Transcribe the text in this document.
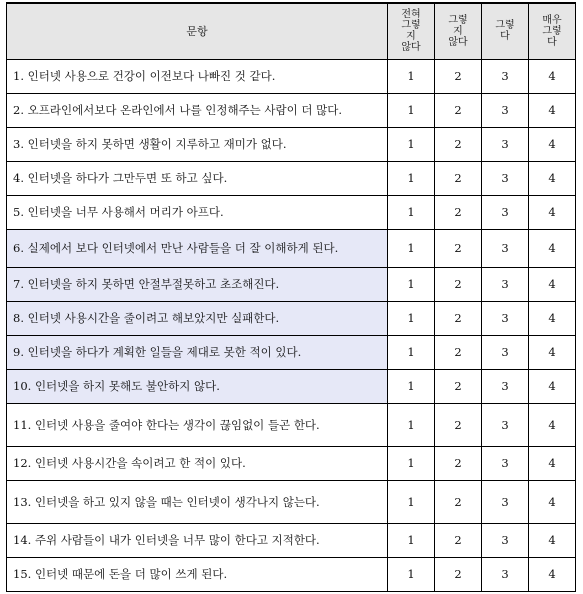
문항	전혀
그렇
지
않다	그렇
지
않다	그렇
다	매우
그렇
다

1. 인터넷 사용으로 건강이 이전보다 나빠진 것 같다.	1	2	3	4
2. 오프라인에서보다 온라인에서 나를 인정해주는 사람이 더 많다.	1	2	3	4
3. 인터넷을 하지 못하면 생활이 지루하고 재미가 없다.	1	2	3	4
4. 인터넷을 하다가 그만두면 또 하고 싶다.	1	2	3	4
5. 인터넷을 너무 사용해서 머리가 아프다.	1	2	3	4
6. 실제에서 보다 인터넷에서 만난 사람들을 더 잘 이해하게 된다.	1	2	3	4
7. 인터넷을 하지 못하면 안절부절못하고 초조해진다.	1	2	3	4
8. 인터넷 사용시간을 줄이려고 해보았지만 실패한다.	1	2	3	4
9. 인터넷을 하다가 계획한 일들을 제대로 못한 적이 있다.	1	2	3	4
10. 인터넷을 하지 못해도 불안하지 않다.	1	2	3	4
11. 인터넷 사용을 줄여야 한다는 생각이 끊임없이 들곤 한다.	1	2	3	4
12. 인터넷 사용시간을 속이려고 한 적이 있다.	1	2	3	4
13. 인터넷을 하고 있지 않을 때는 인터넷이 생각나지 않는다.	1	2	3	4
14. 주위 사람들이 내가 인터넷을 너무 많이 한다고 지적한다.	1	2	3	4
15. 인터넷 때문에 돈을 더 많이 쓰게 된다.	1	2	3	4
